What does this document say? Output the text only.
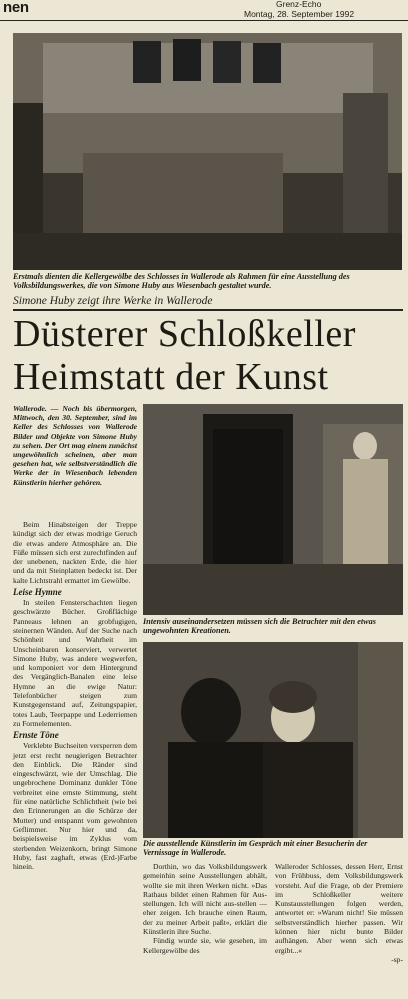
nen	Grenz-Echo
Montag, 28. September 1992
Erstmals dienten die Kellergewölbe des Schlosses in Wallerode als Rahmen für eine Ausstellung des Volksbildungswerkes, die von Simone Huby aus Wiesenbach gestaltet wurde.
Simone Huby zeigt ihre Werke in Wallerode
Düsterer Schloßkeller
Heimstatt der Kunst
Wallerode. — Noch bis übermorgen, Mittwoch, den 30. September, sind im Keller des Schlosses von Wallerode Bilder und Objekte von Simone Huby zu sehen. Der Ort mag einem zunächst ungewöhnlich scheinen, aber man gesehen hat, wie selbstverständlich die Werke der in Wiesenbach lebenden Künstlerin hierher gehören.
Intensiv auseinandersetzen müssen sich die Betrachter mit den etwas ungewohnten Kreationen.

Beim Hinabsteigen der Treppe kündigt sich der etwas modrige Geruch die etwas andere Atmosphäre an. Die Füße müssen sich erst zurechtfinden auf der unebenen, nackten Erde, die hier und da mit Steinplatten bedeckt ist. Der kalte Lichtstrahl ermattet im Gewölbe.

Leise Hymne

In steilen Fensterschachten liegen geschwärzte Bücher. Großflächige Panneaus lehnen an grobfugigen, steinernen Wänden. Auf der Suche nach Schönheit und Wahrheit im Unscheinbaren konserviert, verwertet Simone Huby, was andere wegwerfen, und komponiert vor dem Hintergrund des Vergänglich-Banalen eine leise Hymne an die ewige Natur: Telefonbücher steigen zum Kunstgegenstand auf, Zeitungspapier, totes Laub, Teerpappe und Lederriemen zu Formelementen.

Ernste Töne

Verklebte Buchseiten versperren dem jetzt erst recht neugierigen Betrachter den Einblick. Die Ränder sind eingeschwärzt, wie der Umschlag. Die ungebrochene Dominanz dunkler Töne verbreitet eine ernste Stimmung, steht für eine natürliche Schlichtheit (wie bei den Erinnerungen an die Schürze der Mutter) und entspannt vom gewohnten Geflimmer. Nur hier und da, beispielsweise im Zyklus vom sterbenden Weizenkorn, bringt Simone Huby, fast zaghaft, etwas (Erd-)Farbe hinein.

Die ausstellende Künstlerin im Gespräch mit einer Besucherin der Vernissage in Wallerode.

Dorthin, wo das Volksbildungswerk gemeinhin seine Ausstellungen abhält, wollte sie mit ihren Werken nicht. »Das Rathaus bildet einen Rahmen für Aus-stellungen. Ich will nicht aus-stellen — eher zeigen. Ich brauche einen Raum, der zu meiner Arbeit paßt«, erklärt die Künstlerin ihre Suche.

Fündig wurde sie, wie gesehen, im Kellergewölbe des

Walleroder Schlosses, dessen Herr, Ernst von Frühbuss, dem Volksbildungswerk vorsteht. Auf die Frage, ob der Premiere im Schloßkeller weitere Kunstausstellungen folgen werden, antwortet er: »Warum nicht! Sie müssen selbstverständlich hierher passen. Wir können hier nicht bunte Bilder aufhängen. Aber wenn sich etwas ergibt...«

-sp-
